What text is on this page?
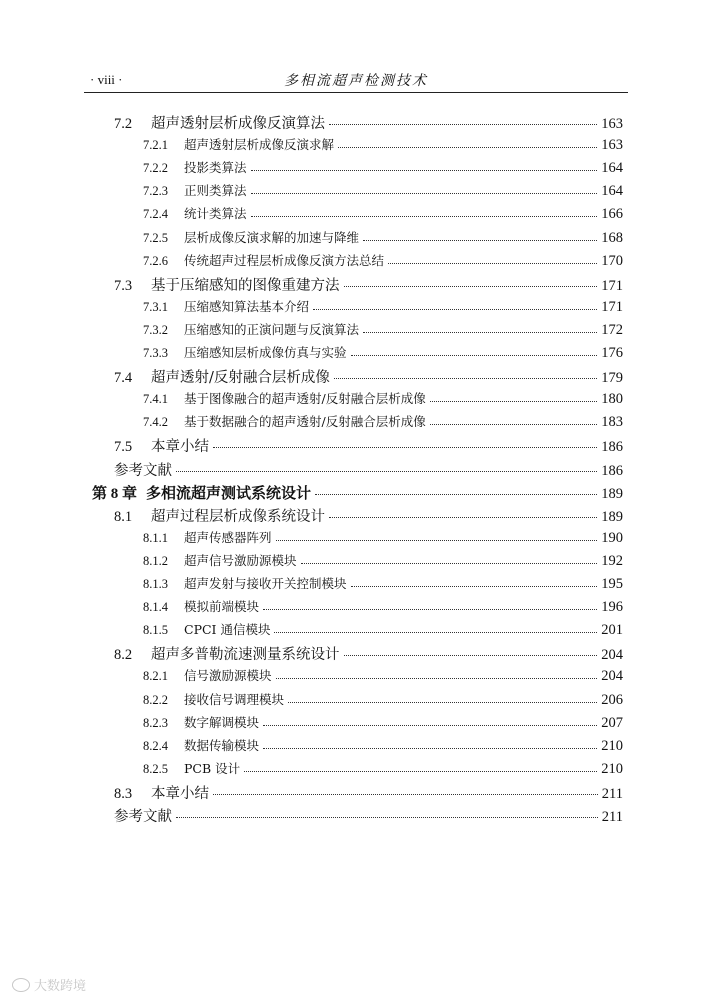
· viii ·	多相流超声检测技术
7.2	超声透射层析成像反演算法	163
7.2.1	超声透射层析成像反演求解	163
7.2.2	投影类算法	164
7.2.3	正则类算法	164
7.2.4	统计类算法	166
7.2.5	层析成像反演求解的加速与降维	168
7.2.6	传统超声过程层析成像反演方法总结	170
7.3	基于压缩感知的图像重建方法	171
7.3.1	压缩感知算法基本介绍	171
7.3.2	压缩感知的正演问题与反演算法	172
7.3.3	压缩感知层析成像仿真与实验	176
7.4	超声透射/反射融合层析成像	179
7.4.1	基于图像融合的超声透射/反射融合层析成像	180
7.4.2	基于数据融合的超声透射/反射融合层析成像	183
7.5	本章小结	186
参考文献	186
第 8 章 多相流超声测试系统设计	189
8.1	超声过程层析成像系统设计	189
8.1.1	超声传感器阵列	190
8.1.2	超声信号激励源模块	192
8.1.3	超声发射与接收开关控制模块	195
8.1.4	模拟前端模块	196
8.1.5	CPCI 通信模块	201
8.2	超声多普勒流速测量系统设计	204
8.2.1	信号激励源模块	204
8.2.2	接收信号调理模块	206
8.2.3	数字解调模块	207
8.2.4	数据传输模块	210
8.2.5	PCB 设计	210
8.3	本章小结	211
参考文献	211
大数跨境
